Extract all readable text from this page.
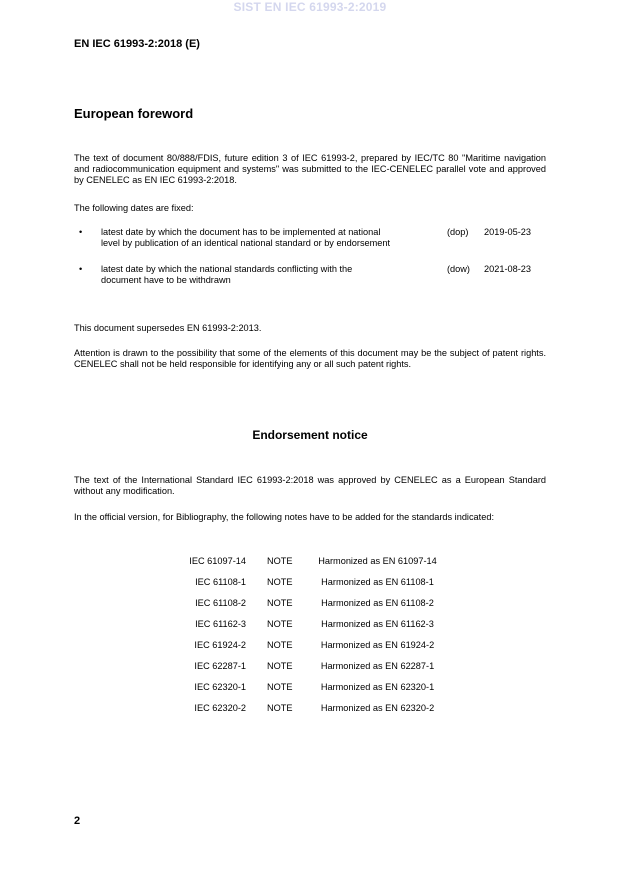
SIST EN IEC 61993-2:2019
EN IEC 61993-2:2018 (E)
European foreword
The text of document 80/888/FDIS, future edition 3 of IEC 61993-2, prepared by IEC/TC 80 "Maritime navigation and radiocommunication equipment and systems" was submitted to the IEC-CENELEC parallel vote and approved by CENELEC as EN IEC 61993-2:2018.
The following dates are fixed:
• latest date by which the document has to be implemented at national
level by publication of an identical national standard or by endorsement
(dop) 2019-05-23
• latest date by which the national standards conflicting with the
document have to be withdrawn
(dow) 2021-08-23
This document supersedes EN 61993-2:2013.
Attention is drawn to the possibility that some of the elements of this document may be the subject of patent rights. CENELEC shall not be held responsible for identifying any or all such patent rights.
Endorsement notice
The text of the International Standard IEC 61993-2:2018 was approved by CENELEC as a European Standard without any modification.
In the official version, for Bibliography, the following notes have to be added for the standards indicated:
IEC 61097-14 NOTE	Harmonized as EN 61097-14
IEC 61108-1 NOTE	Harmonized as EN 61108-1
IEC 61108-2 NOTE	Harmonized as EN 61108-2
IEC 61162-3 NOTE	Harmonized as EN 61162-3
IEC 61924-2 NOTE	Harmonized as EN 61924-2
IEC 62287-1 NOTE	Harmonized as EN 62287-1
IEC 62320-1 NOTE	Harmonized as EN 62320-1
IEC 62320-2 NOTE	Harmonized as EN 62320-2
2
